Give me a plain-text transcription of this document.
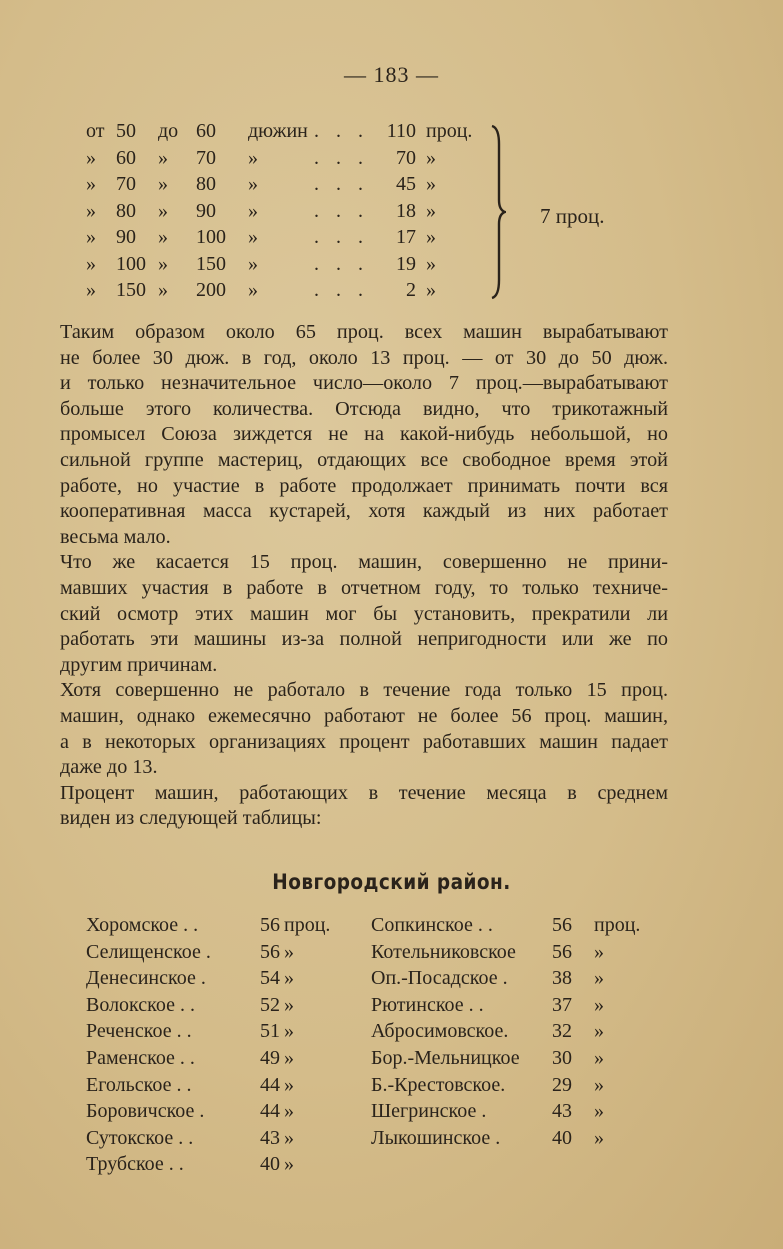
— 183 —
от 50 до 60 дюжин . . . 110 проц.
» 60 » 70 »	. . .	70 »
» 70 » 80 »	. . .	45 »
» 80 » 90 »	. . .	18 »
» 90 » 100 »	. . .	17 »
» 100 » 150 »	. . .	19 »
» 150 » 200 »	. . .	2 »
7 проц.
Таким образом около 65 проц. всех машин вырабатывают
не более 30 дюж. в год, около 13 проц. — от 30 до 50 дюж.
и только незначительное число—около 7 проц.—вырабатывают
больше этого количества. Отсюда видно, что трикотажный
промысел Союза зиждется не на какой-нибудь небольшой, но
сильной группе мастериц, отдающих все свободное время этой
работе, но участие в работе продолжает принимать почти вся
кооперативная масса кустарей, хотя каждый из них работает
весьма мало.
Что же касается 15 проц. машин, совершенно не прини-
мавших участия в работе в отчетном году, то только техниче-
ский осмотр этих машин мог бы установить, прекратили ли
работать эти машины из-за полной непригодности или же по
другим причинам.
Хотя совершенно не работало в течение года только 15 проц.
машин, однако ежемесячно работают не более 56 проц. машин,
а в некоторых организациях процент работавших машин падает
даже до 13.
Процент машин, работающих в течение месяца в среднем
виден из следующей таблицы:
Новгородский район.
Хоромское . .	56 проц. Сопкинское . .	56 проц.
Селищенское .	56 »	Котельниковское	56 »
Денесинское .	54 »	Оп.-Посадское .	38 »
Волокское . .	52 »	Рютинское . .	37 »
Реченское . .	51 »	Абросимовское.	32 »
Раменское . .	49 »	Бор.-Мельницкое	30 »
Егольское . .	44 »	Б.-Крестовское.	29 »
Боровичское .	44 »	Шегринское .	43 »
Сутокское . .	43 »	Лыкошинское .	40 »
Трубское . .	40 »
